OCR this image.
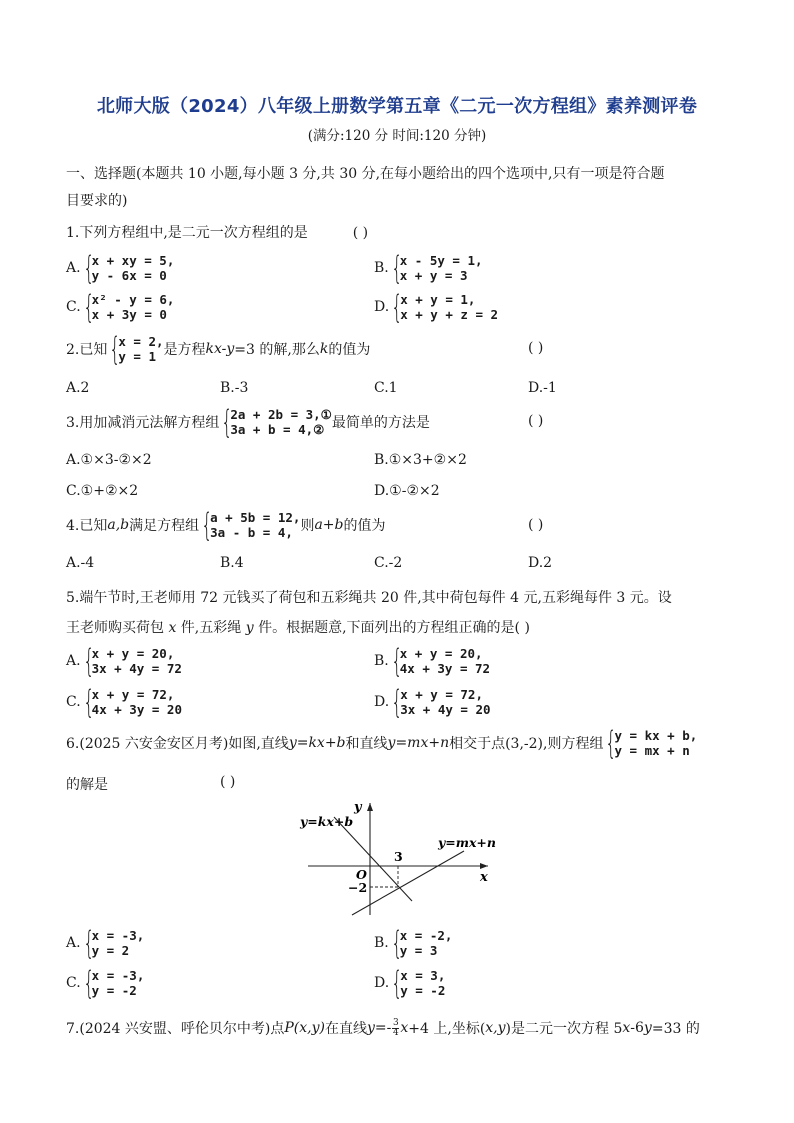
北师大版（2024）八年级上册数学第五章《二元一次方程组》素养测评卷
(满分:120 分 时间:120 分钟)
一、选择题(本题共 10 小题,每小题 3 分,共 30 分,在每小题给出的四个选项中,只有一项是符合题
目要求的)
1.下列方程组中,是二元一次方程组的是	( )
A. {
x + xy = 5,
y - 6x = 0	B. {
x - 5y = 1,
x + y = 3
C. {
x² - y = 6,
x + 3y = 0	D. {
x + y = 1,
x + y + z = 2
2.已知 {
x = 2,
y = 1 是方程 kx-y =3 的解,那么 k 的值为	( )
A.2	B.-3	C.1	D.-1
3.用加减消元法解方程组 {
2a + 2b = 3,①
3a + b = 4,② 最简单的方法是	( )
A.①×3-②×2	B.①×3+②×2
C.①+②×2	D.①-②×2
4.已知 a,b 满足方程组 {
a + 5b = 12,
3a - b = 4, 则 a+b 的值为	( )
A.-4	B.4	C.-2	D.2
5.端午节时,王老师用 72 元钱买了荷包和五彩绳共 20 件,其中荷包每件 4 元,五彩绳每件 3 元。设
王老师购买荷包 x 件,五彩绳 y 件。根据题意,下面列出的方程组正确的是( )
A. {
x + y = 20,
3x + 4y = 72	B. {
x + y = 20,
4x + 3y = 72
C. {
x + y = 72,
4x + 3y = 20	D. {
x + y = 72,
3x + 4y = 20
6.(2025 六安金安区月考)如图,直线 y=kx+b 和直线 y=mx+n 相交于点(3,-2),则方程组 {
y = kx + b,
y = mx + n
的解是	( )
y=kx+b
y=mx+n
x
y
O
3
−2
A. {
x = -3,
y = 2	B. {
x = -2,
y = 3
C. {
x = -3,
y = -2	D. {
x = 3,
y = -2
7.(2024 兴安盟、呼伦贝尔中考)点 P(x,y) 在直线 y =- 3
4 x +4 上,坐标( x,y )是二元一次方程 5 x -6 y =33 的
